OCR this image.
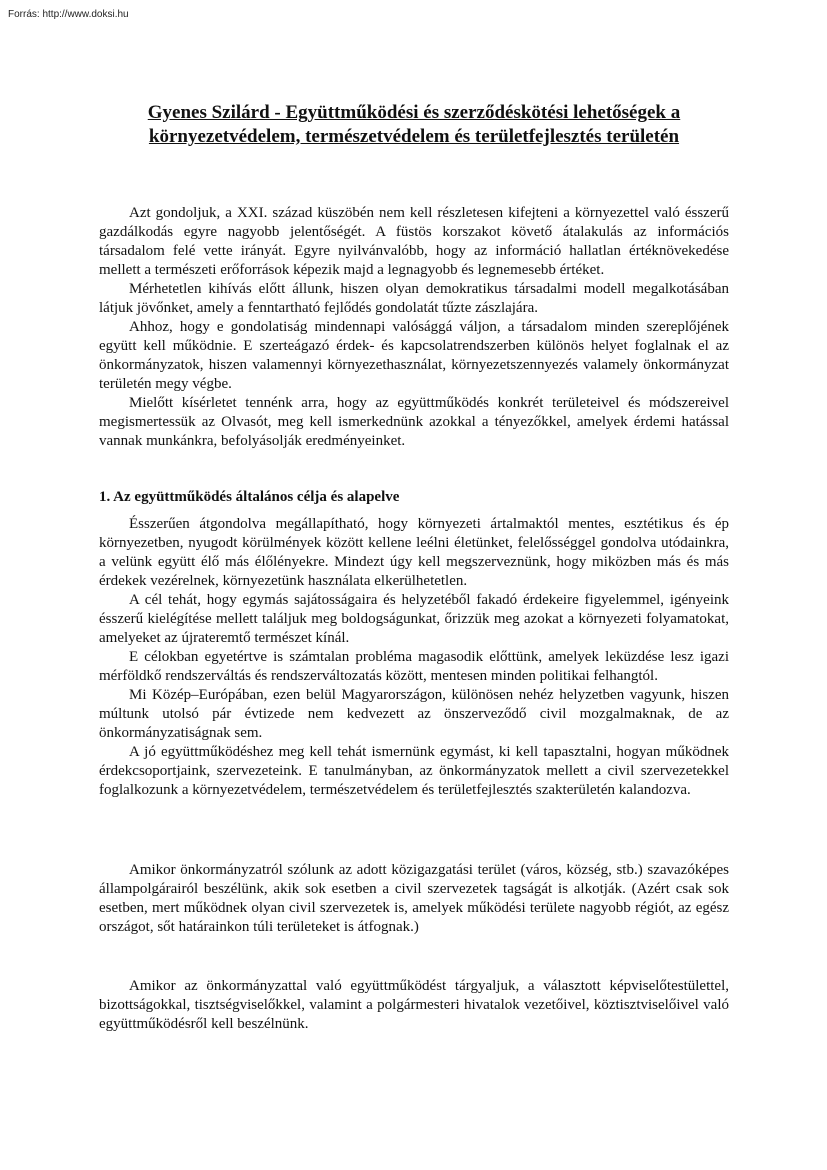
Forrás: http://www.doksi.hu
Gyenes Szilárd - Együttműködési és szerződéskötési lehetőségek a környezetvédelem, természetvédelem és területfejlesztés területén

Azt gondoljuk, a XXI. század küszöbén nem kell részletesen kifejteni a környezettel való ésszerű gazdálkodás egyre nagyobb jelentőségét. A füstös korszakot követő átalakulás az információs társadalom felé vette irányát. Egyre nyilvánvalóbb, hogy az információ hallatlan értéknövekedése mellett a természeti erőforrások képezik majd a legnagyobb és legnemesebb értéket.

Mérhetetlen kihívás előtt állunk, hiszen olyan demokratikus társadalmi modell megalkotásában látjuk jövőnket, amely a fenntartható fejlődés gondolatát tűzte zászlajára.

Ahhoz, hogy e gondolatiság mindennapi valósággá váljon, a társadalom minden szereplőjének együtt kell működnie. E szerteágazó érdek- és kapcsolatrendszerben különös helyet foglalnak el az önkormányzatok, hiszen valamennyi környezethasználat, környezetszennyezés valamely önkormányzat területén megy végbe.

Mielőtt kísérletet tennénk arra, hogy az együttműködés konkrét területeivel és módszereivel megismertessük az Olvasót, meg kell ismerkednünk azokkal a tényezőkkel, amelyek érdemi hatással vannak munkánkra, befolyásolják eredményeinket.

1. Az együttműködés általános célja és alapelve

Ésszerűen átgondolva megállapítható, hogy környezeti ártalmaktól mentes, esztétikus és ép környezetben, nyugodt körülmények között kellene leélni életünket, felelősséggel gondolva utódainkra, a velünk együtt élő más élőlényekre. Mindezt úgy kell megszerveznünk, hogy miközben más és más érdekek vezérelnek, környezetünk használata elkerülhetetlen.

A cél tehát, hogy egymás sajátosságaira és helyzetéből fakadó érdekeire figyelemmel, igényeink ésszerű kielégítése mellett találjuk meg boldogságunkat, őrizzük meg azokat a környezeti folyamatokat, amelyeket az újrateremtő természet kínál.

E célokban egyetértve is számtalan probléma magasodik előttünk, amelyek leküzdése lesz igazi mérföldkő rendszerváltás és rendszerváltozatás között, mentesen minden politikai felhangtól.

Mi Közép–Európában, ezen belül Magyarországon, különösen nehéz helyzetben vagyunk, hiszen múltunk utolsó pár évtizede nem kedvezett az önszerveződő civil mozgalmaknak, de az önkormányzatiságnak sem.

A jó együttműködéshez meg kell tehát ismernünk egymást, ki kell tapasztalni, hogyan működnek érdekcsoportjaink, szervezeteink. E tanulmányban, az önkormányzatok mellett a civil szervezetekkel foglalkozunk a környezetvédelem, természetvédelem és területfejlesztés szakterületén kalandozva.

Amikor önkormányzatról szólunk az adott közigazgatási terület (város, község, stb.) szavazóképes állampolgárairól beszélünk, akik sok esetben a civil szervezetek tagságát is alkotják. (Azért csak sok esetben, mert működnek olyan civil szervezetek is, amelyek működési területe nagyobb régiót, az egész országot, sőt határainkon túli területeket is átfognak.)

Amikor az önkormányzattal való együttműködést tárgyaljuk, a választott képviselőtestülettel, bizottságokkal, tisztségviselőkkel, valamint a polgármesteri hivatalok vezetőivel, köztisztviselőivel való együttműködésről kell beszélnünk.
